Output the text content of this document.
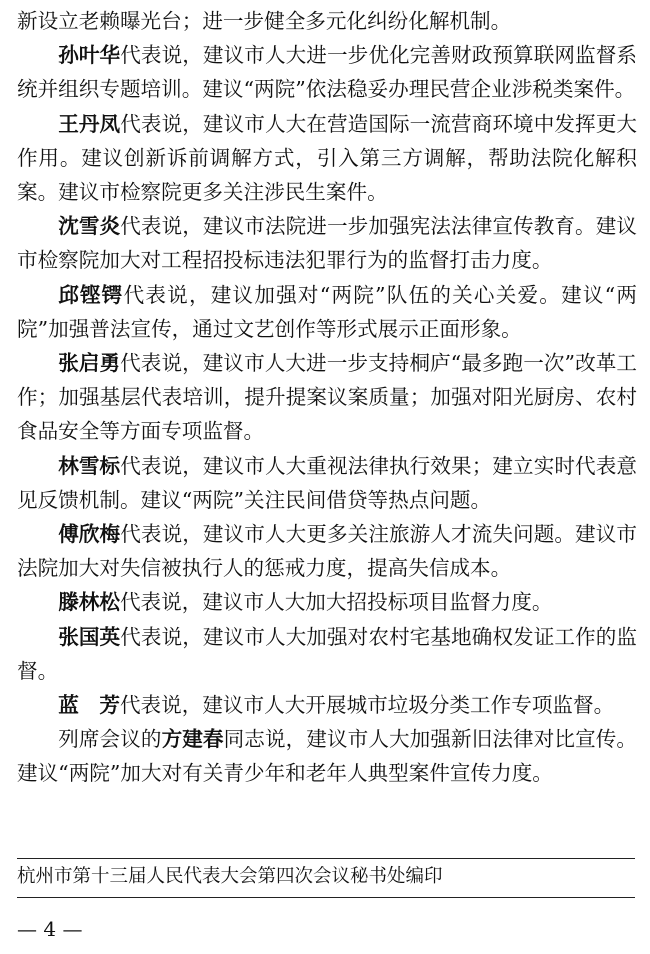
新设立老赖曝光台；进一步健全多元化纠纷化解机制。

孙叶华代表说，建议市人大进一步优化完善财政预算联网监督系统并组织专题培训。建议“两院”依法稳妥办理民营企业涉税类案件。

王丹凤代表说，建议市人大在营造国际一流营商环境中发挥更大作用。建议创新诉前调解方式，引入第三方调解，帮助法院化解积案。建议市检察院更多关注涉民生案件。

沈雪炎代表说，建议市法院进一步加强宪法法律宣传教育。建议市检察院加大对工程招投标违法犯罪行为的监督打击力度。

邱铿锷代表说，建议加强对“两院”队伍的关心关爱。建议“两院”加强普法宣传，通过文艺创作等形式展示正面形象。

张启勇代表说，建议市人大进一步支持桐庐“最多跑一次”改革工作；加强基层代表培训，提升提案议案质量；加强对阳光厨房、农村食品安全等方面专项监督。

林雪标代表说，建议市人大重视法律执行效果；建立实时代表意见反馈机制。建议“两院”关注民间借贷等热点问题。

傅欣梅代表说，建议市人大更多关注旅游人才流失问题。建议市法院加大对失信被执行人的惩戒力度，提高失信成本。

滕林松代表说，建议市人大加大招投标项目监督力度。

张国英代表说，建议市人大加强对农村宅基地确权发证工作的监督。

蓝　芳代表说，建议市人大开展城市垃圾分类工作专项监督。

列席会议的方建春同志说，建议市人大加强新旧法律对比宣传。建议“两院”加大对有关青少年和老年人典型案件宣传力度。

杭州市第十三届人民代表大会第四次会议秘书处编印
— 4 —
